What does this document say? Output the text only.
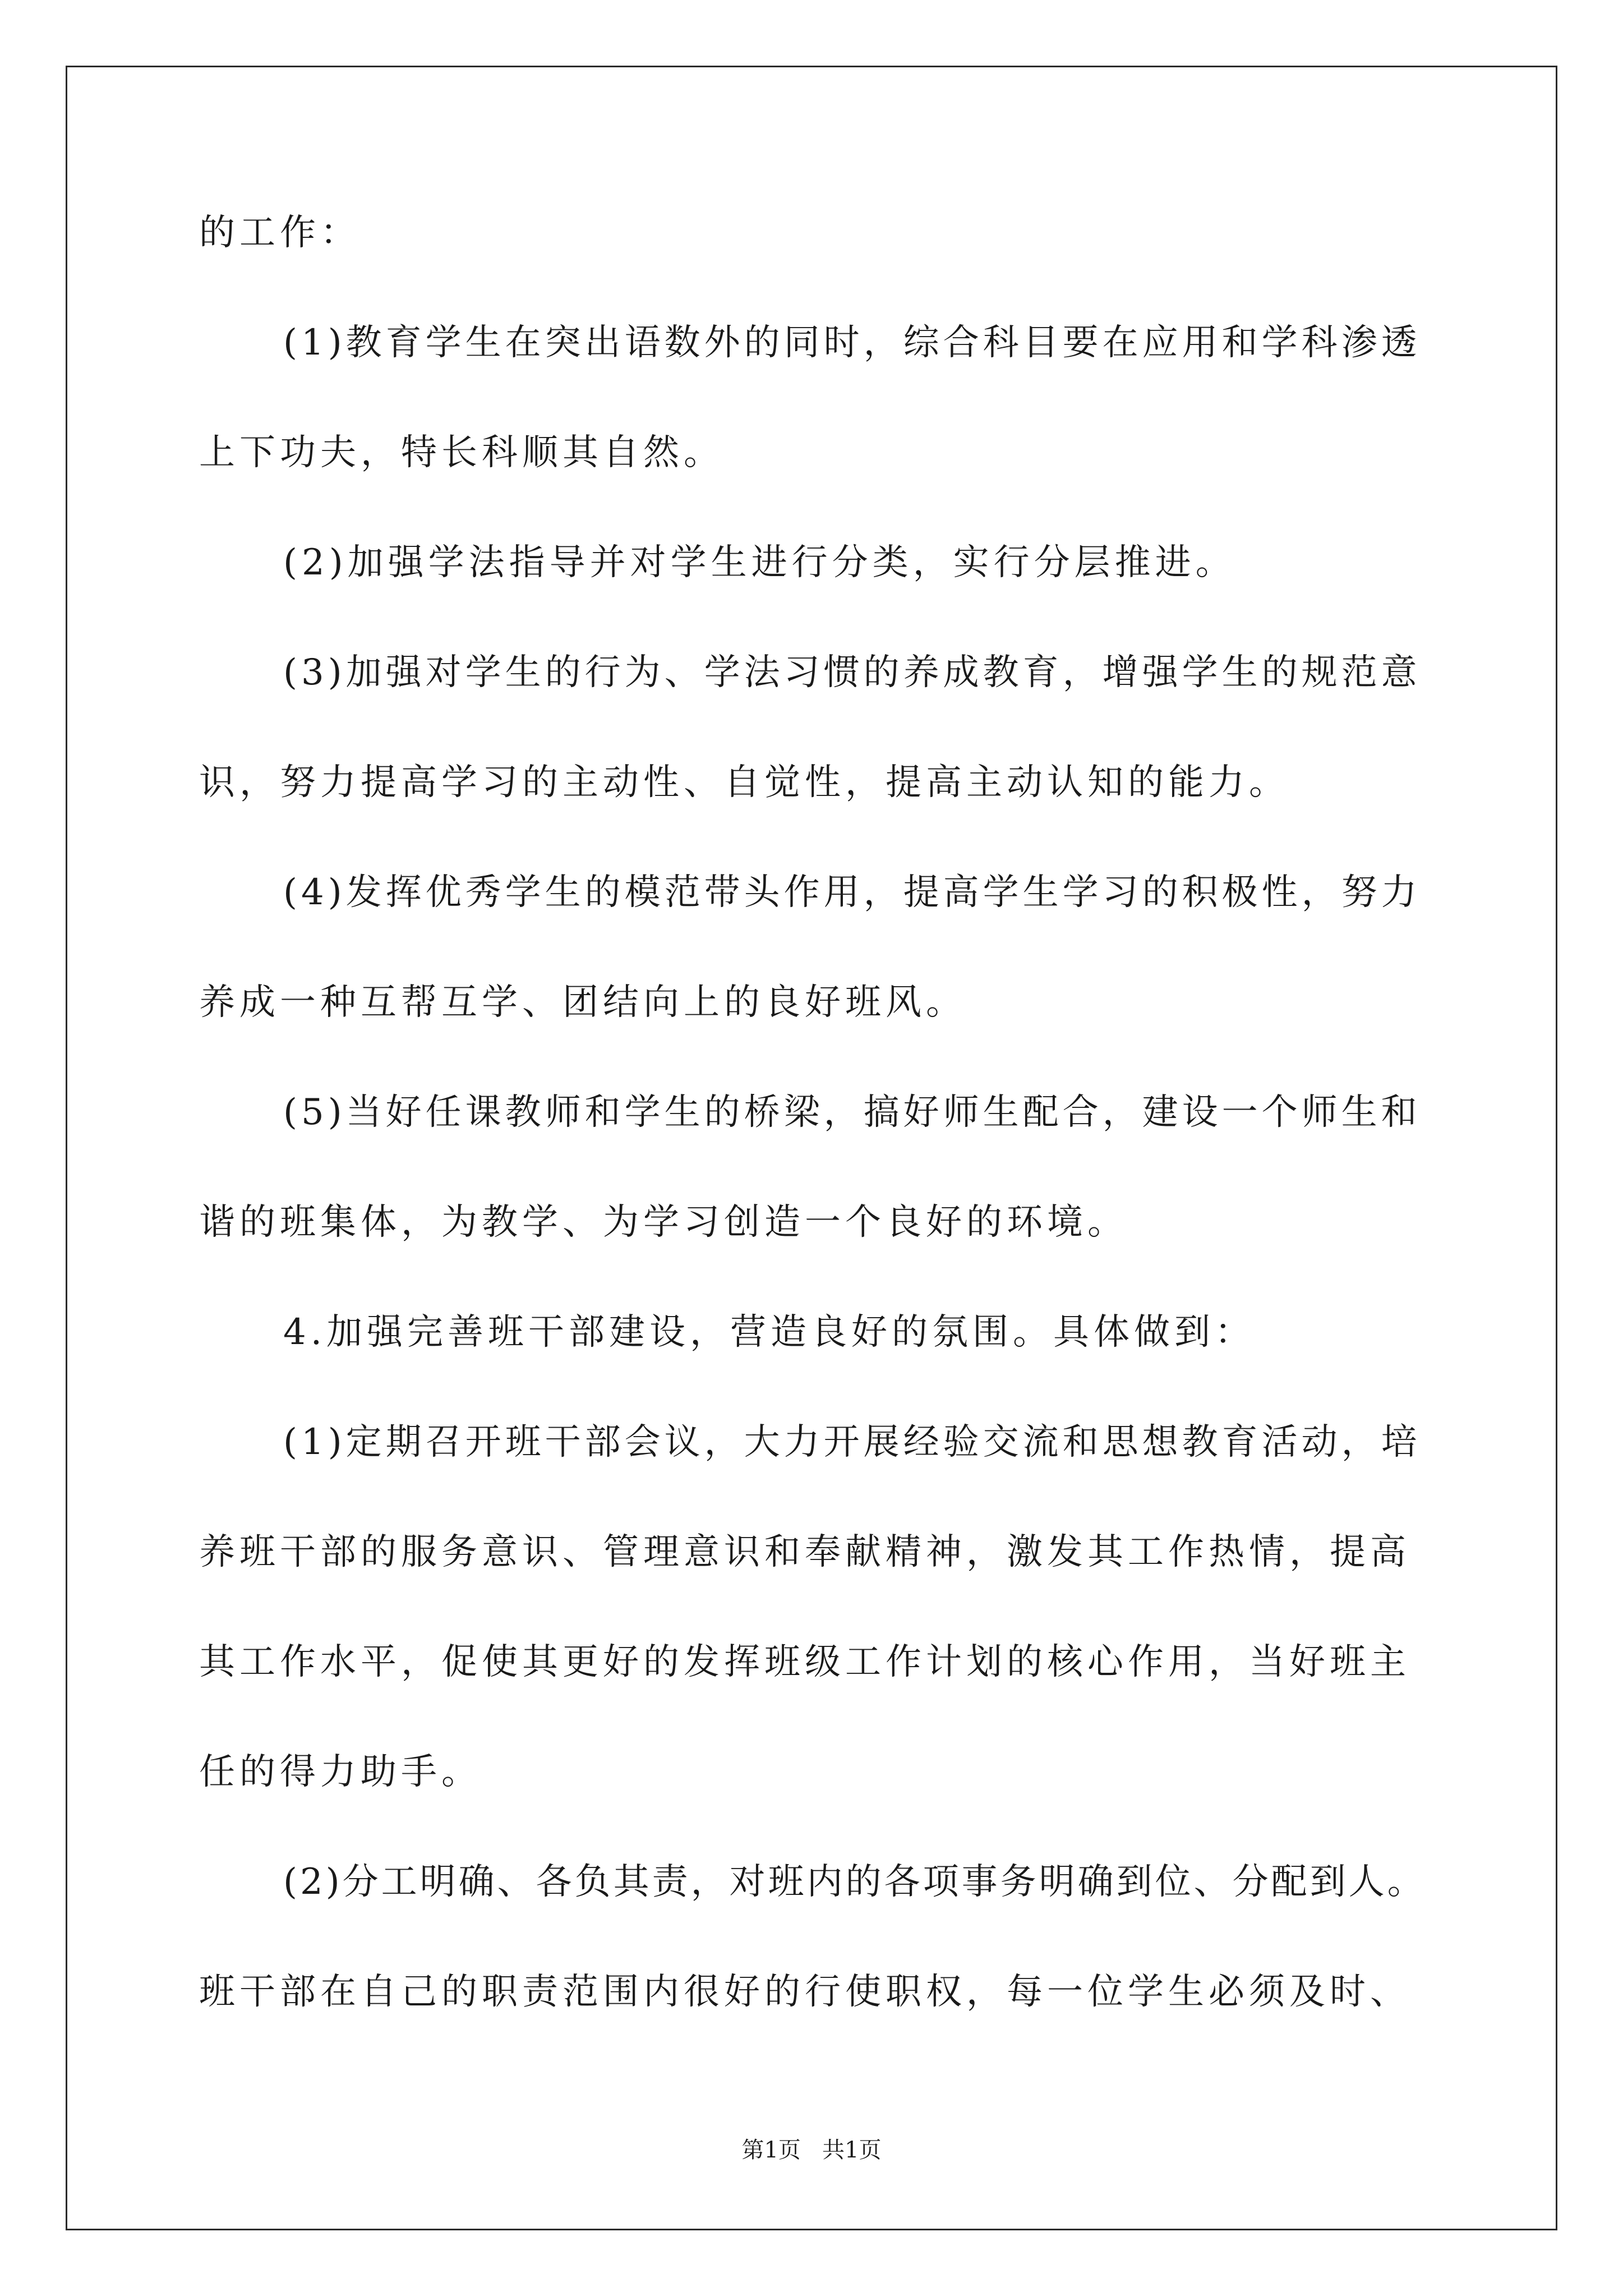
的工作：
(1)教育学生在突出语数外的同时，综合科目要在应用和学科渗透
上下功夫，特长科顺其自然。
(2)加强学法指导并对学生进行分类，实行分层推进。
(3)加强对学生的行为、学法习惯的养成教育，增强学生的规范意
识，努力提高学习的主动性、自觉性，提高主动认知的能力。
(4)发挥优秀学生的模范带头作用，提高学生学习的积极性，努力
养成一种互帮互学、团结向上的良好班风。
(5)当好任课教师和学生的桥梁，搞好师生配合，建设一个师生和
谐的班集体，为教学、为学习创造一个良好的环境。
4.加强完善班干部建设，营造良好的氛围。具体做到：
(1)定期召开班干部会议，大力开展经验交流和思想教育活动，培
养班干部的服务意识、管理意识和奉献精神，激发其工作热情，提高
其工作水平，促使其更好的发挥班级工作计划的核心作用，当好班主
任的得力助手。
(2)分工明确、各负其责，对班内的各项事务明确到位、分配到人。
班干部在自己的职责范围内很好的行使职权，每一位学生必须及时、
第1页   共1页
